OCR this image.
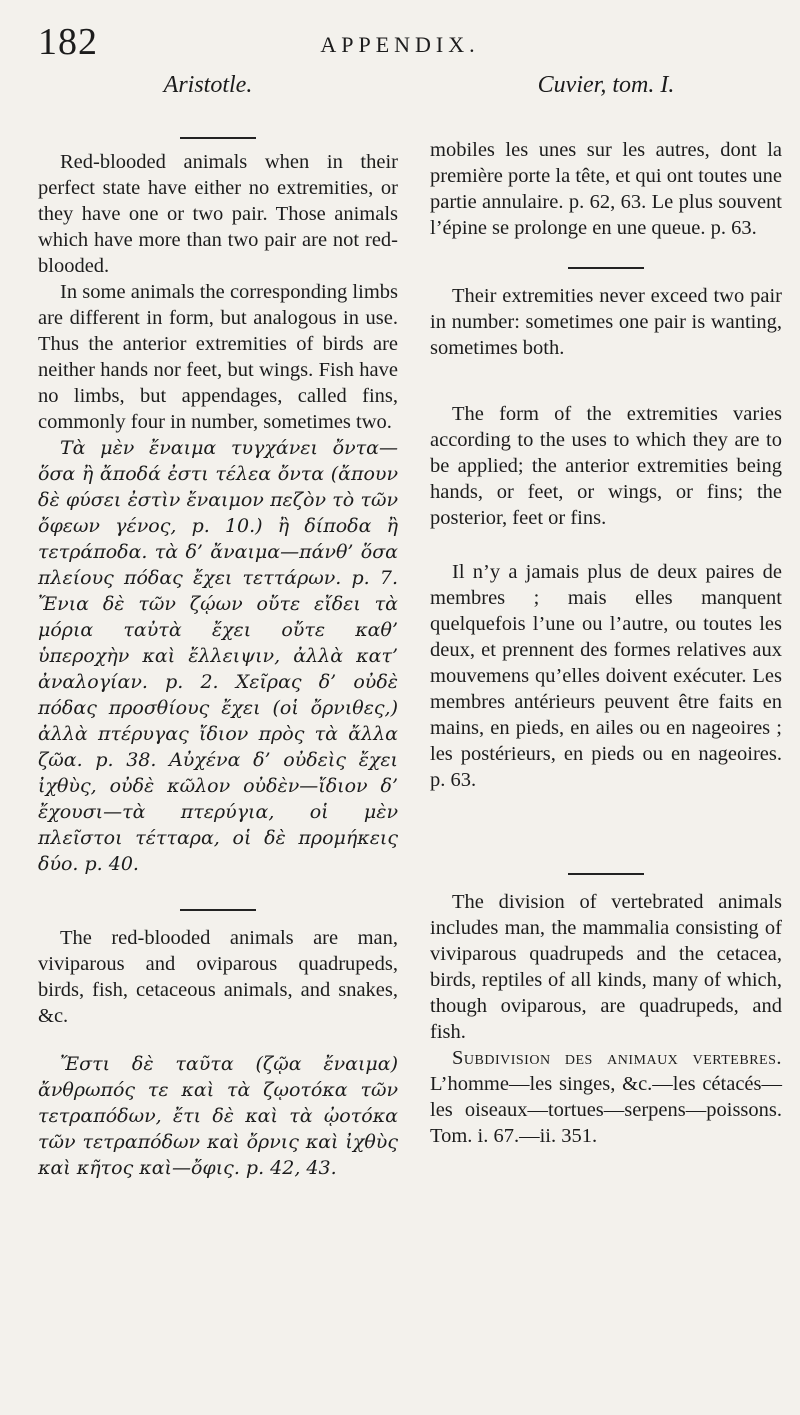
182	APPENDIX.
Aristotle.

Red-blooded animals when in their perfect state have either no extremities, or they have one or two pair. Those animals which have more than two pair are not red-blooded.

In some animals the corresponding limbs are different in form, but analogous in use. Thus the anterior extremities of birds are neither hands nor feet, but wings. Fish have no limbs, but appendages, called fins, commonly four in number, sometimes two.

Τὰ μὲν ἔναιμα τυγχάνει ὄντα—ὅσα ἢ ἄποδά ἐστι τέλεα ὄντα (ἄπουν δὲ φύσει ἐστὶν ἔναιμον πεζὸν τὸ τῶν ὄφεων γένος, p. 10.) ἢ δίποδα ἢ τετράποδα. τὰ δ’ ἄναιμα—πάνθ’ ὅσα πλείους πόδας ἔχει τεττάρων. p. 7. Ἔνια δὲ τῶν ζῴων οὔτε εἴδει τὰ μόρια ταὐτὰ ἔχει οὔτε καθ’ ὑπεροχὴν καὶ ἔλλειψιν, ἀλλὰ κατ’ ἀναλογίαν. p. 2. Χεῖρας δ’ οὐδὲ πόδας προσθίους ἔχει (οἱ ὄρνιθες,) ἀλλὰ πτέρυγας ἴδιον πρὸς τὰ ἄλλα ζῶα. p. 38. Αὐχένα δ’ οὐδεὶς ἔχει ἰχθὺς, οὐδὲ κῶλον οὐδὲν—ἴδιον δ’ ἔχουσι—τὰ πτερύγια, οἱ μὲν πλεῖστοι τέτταρα, οἱ δὲ προμήκεις δύο. p. 40.

The red-blooded animals are man, viviparous and oviparous quadrupeds, birds, fish, cetaceous animals, and snakes, &c.

Ἔστι δὲ ταῦτα (ζῷα ἔναιμα) ἄνθρωπός τε καὶ τὰ ζῳοτόκα τῶν τετραπόδων, ἔτι δὲ καὶ τὰ ᾠοτόκα τῶν τετραπόδων καὶ ὄρνις καὶ ἰχθὺς καὶ κῆτος καὶ—ὄφις. p. 42, 43.

Cuvier, tom. I.

mobiles les unes sur les autres, dont la première porte la tête, et qui ont toutes une partie annulaire. p. 62, 63. Le plus souvent l’épine se prolonge en une queue. p. 63.

Their extremities never exceed two pair in number: sometimes one pair is wanting, sometimes both.

The form of the extremities varies according to the uses to which they are to be applied; the anterior extremities being hands, or feet, or wings, or fins; the posterior, feet or fins.

Il n’y a jamais plus de deux paires de membres ; mais elles manquent quelquefois l’une ou l’autre, ou toutes les deux, et prennent des formes relatives aux mouvemens qu’elles doivent exécuter. Les membres antérieurs peuvent être faits en mains, en pieds, en ailes ou en nageoires ; les postérieurs, en pieds ou en nageoires. p. 63.

The division of vertebrated animals includes man, the mammalia consisting of viviparous quadrupeds and the cetacea, birds, reptiles of all kinds, many of which, though oviparous, are quadrupeds, and fish.

Subdivision des animaux vertebres. L’homme—les singes, &c.—les cétacés—les oiseaux—tortues—serpens—poissons. Tom. i. 67.—ii. 351.
